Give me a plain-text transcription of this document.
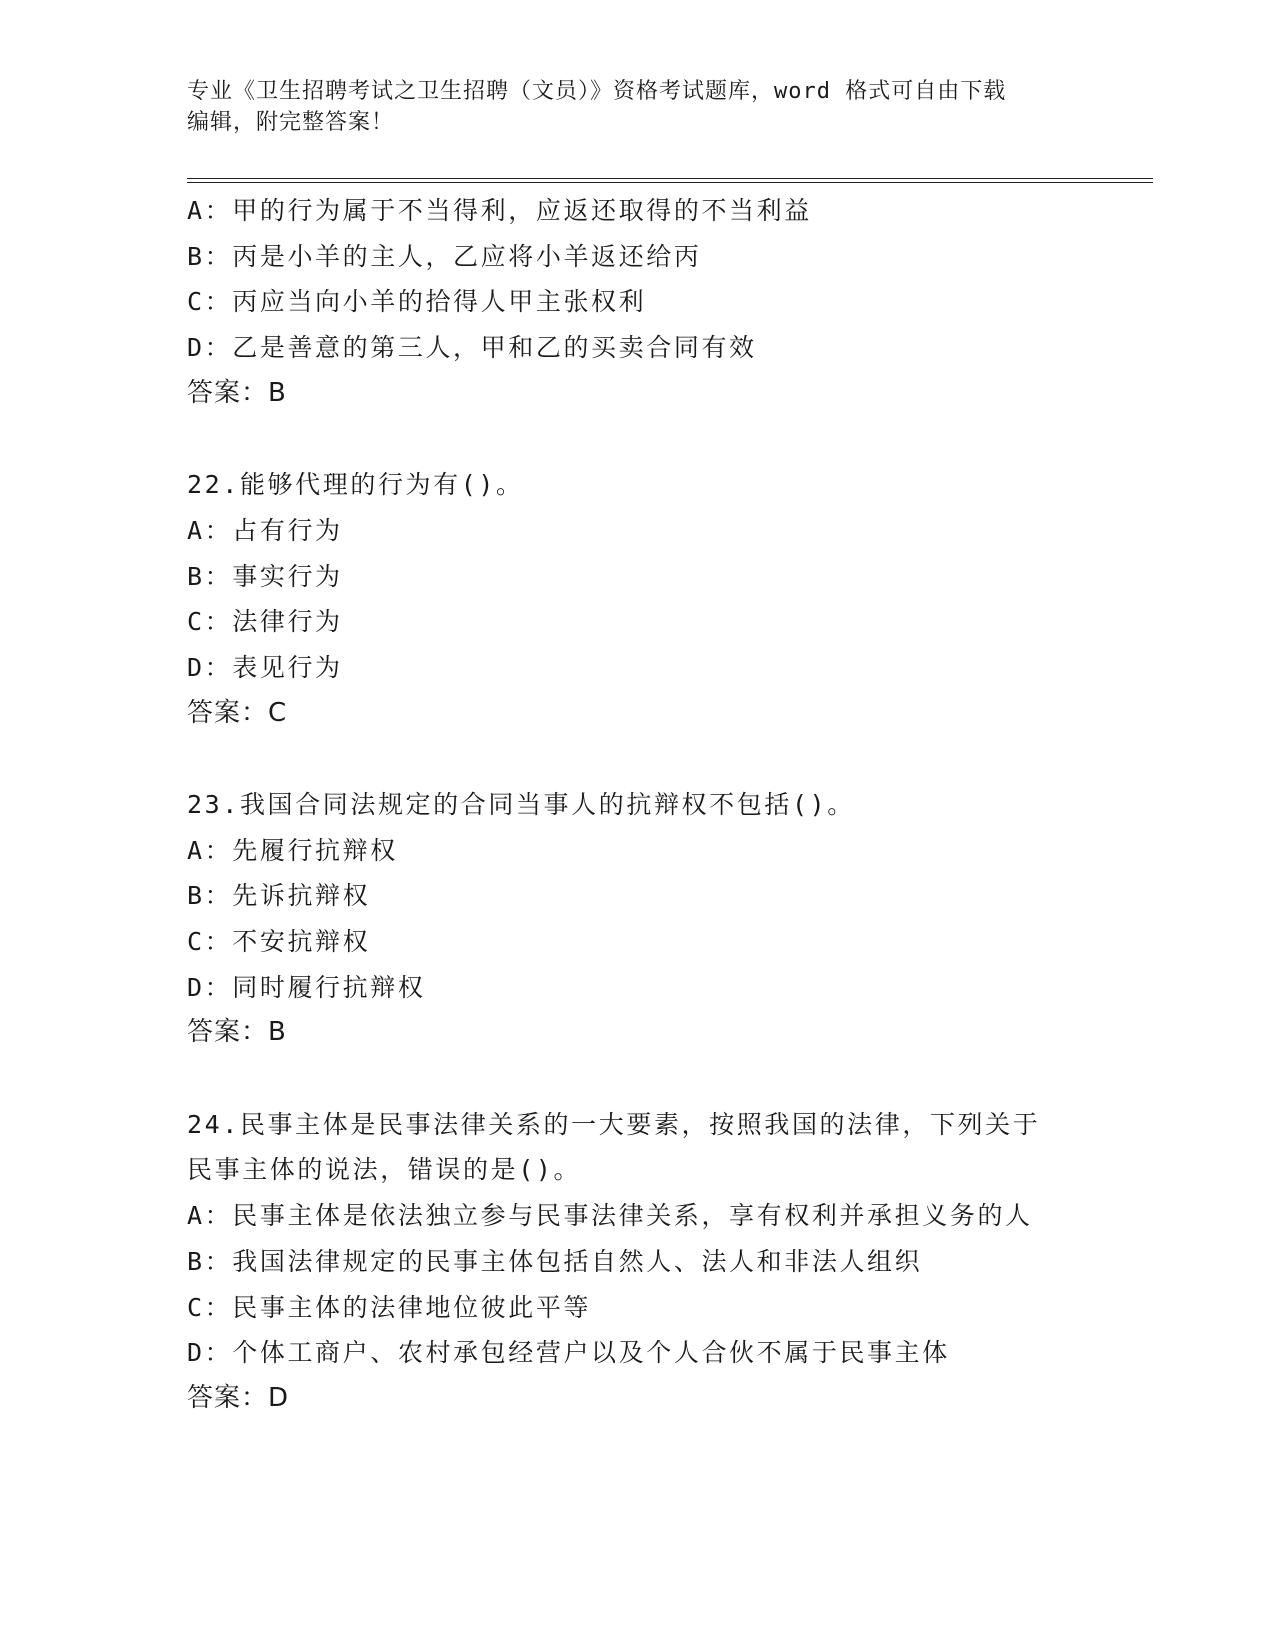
专业《卫生招聘考试之卫生招聘（文员）》资格考试题库，word 格式可自由下载
编辑，附完整答案！
A：甲的行为属于不当得利，应返还取得的不当利益
B：丙是小羊的主人，乙应将小羊返还给丙
C：丙应当向小羊的拾得人甲主张权利
D：乙是善意的第三人，甲和乙的买卖合同有效
答案：B
22.能够代理的行为有()。
A：占有行为
B：事实行为
C：法律行为
D：表见行为
答案：C
23.我国合同法规定的合同当事人的抗辩权不包括()。
A：先履行抗辩权
B：先诉抗辩权
C：不安抗辩权
D：同时履行抗辩权
答案：B
24.民事主体是民事法律关系的一大要素，按照我国的法律，下列关于
民事主体的说法，错误的是()。
A：民事主体是依法独立参与民事法律关系，享有权利并承担义务的人
B：我国法律规定的民事主体包括自然人、法人和非法人组织
C：民事主体的法律地位彼此平等
D：个体工商户、农村承包经营户以及个人合伙不属于民事主体
答案：D
